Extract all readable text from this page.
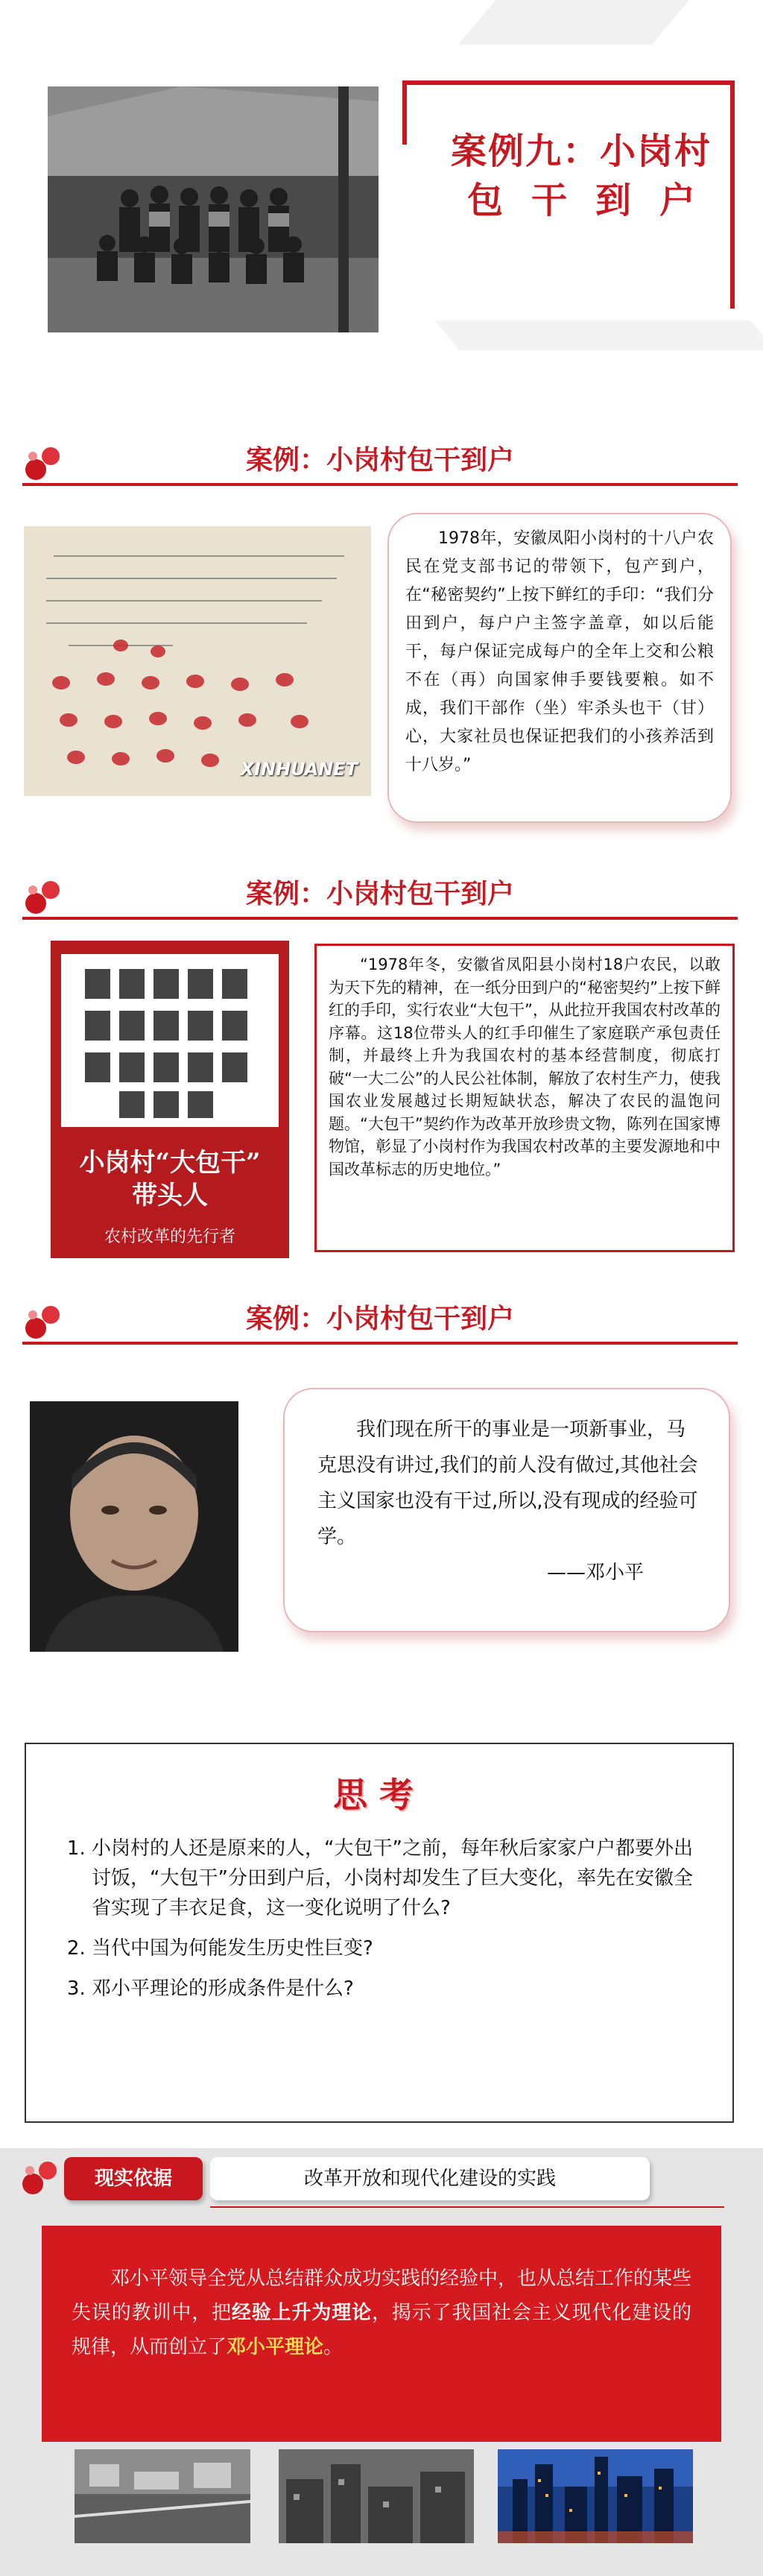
案例九：小岗村
包干到户
案例：小岗村包干到户
XINHUANET

1978年，安徽凤阳小岗村的十八户农民在党支部书记的带领下，包产到户，在“秘密契约”上按下鲜红的手印：“我们分田到户，每户户主签字盖章，如以后能干，每户保证完成每户的全年上交和公粮不在（再）向国家伸手要钱要粮。如不成，我们干部作（坐）牢杀头也干（甘）心，大家社员也保证把我们的小孩养活到十八岁。”

案例：小岗村包干到户
小岗村“大包干”
带头人
农村改革的先行者

“1978年冬，安徽省凤阳县小岗村18户农民，以敢为天下先的精神，在一纸分田到户的“秘密契约”上按下鲜红的手印，实行农业“大包干”，从此拉开我国农村改革的序幕。这18位带头人的红手印催生了家庭联产承包责任制，并最终上升为我国农村的基本经营制度，彻底打破“一大二公”的人民公社体制，解放了农村生产力，使我国农业发展越过长期短缺状态，解决了农民的温饱问题。“大包干”契约作为改革开放珍贵文物，陈列在国家博物馆，彰显了小岗村作为我国农村改革的主要发源地和中国改革标志的历史地位。”

案例：小岗村包干到户

我们现在所干的事业是一项新事业，马克思没有讲过,我们的前人没有做过,其他社会主义国家也没有干过,所以,没有现成的经验可学。

——邓小平

思考
1. 小岗村的人还是原来的人，“大包干”之前，每年秋后家家户户都要外出讨饭，“大包干”分田到户后，小岗村却发生了巨大变化，率先在安徽全省实现了丰衣足食，这一变化说明了什么?
2. 当代中国为何能发生历史性巨变?
3. 邓小平理论的形成条件是什么?
现实依据	改革开放和现代化建设的实践

邓小平领导全党从总结群众成功实践的经验中，也从总结工作的某些失误的教训中，把经验上升为理论，揭示了我国社会主义现代化建设的规律，从而创立了邓小平理论。
